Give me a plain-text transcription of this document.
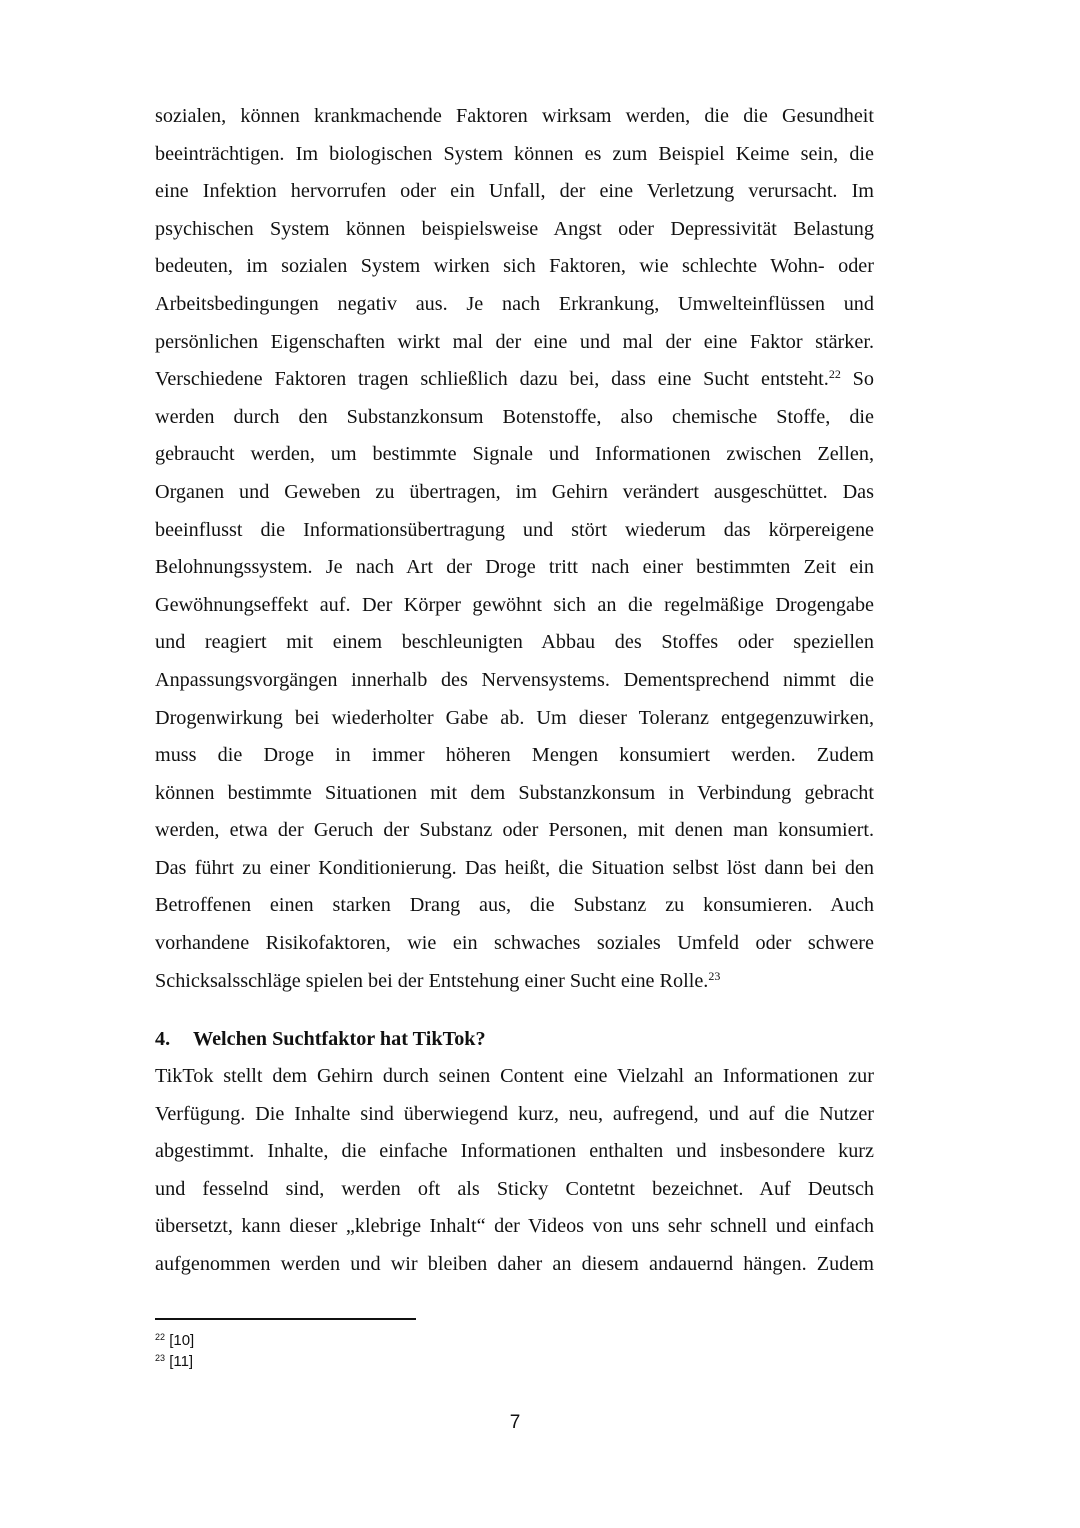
sozialen, können krankmachende Faktoren wirksam werden, die die Gesundheit
beeinträchtigen. Im biologischen System können es zum Beispiel Keime sein, die
eine Infektion hervorrufen oder ein Unfall, der eine Verletzung verursacht. Im
psychischen System können beispielsweise Angst oder Depressivität Belastung
bedeuten, im sozialen System wirken sich Faktoren, wie schlechte Wohn- oder
Arbeitsbedingungen negativ aus. Je nach Erkrankung, Umwelteinflüssen und
persönlichen Eigenschaften wirkt mal der eine und mal der eine Faktor stärker.
Verschiedene Faktoren tragen schließlich dazu bei, dass eine Sucht entsteht.$^{22}$ So
werden durch den Substanzkonsum Botenstoffe, also chemische Stoffe, die
gebraucht werden, um bestimmte Signale und Informationen zwischen Zellen,
Organen und Geweben zu übertragen, im Gehirn verändert ausgeschüttet. Das
beeinflusst die Informationsübertragung und stört wiederum das körpereigene
Belohnungssystem. Je nach Art der Droge tritt nach einer bestimmten Zeit ein
Gewöhnungseffekt auf. Der Körper gewöhnt sich an die regelmäßige Drogengabe
und reagiert mit einem beschleunigten Abbau des Stoffes oder speziellen
Anpassungsvorgängen innerhalb des Nervensystems. Dementsprechend nimmt die
Drogenwirkung bei wiederholter Gabe ab. Um dieser Toleranz entgegenzuwirken,
muss die Droge in immer höheren Mengen konsumiert werden. Zudem
können bestimmte Situationen mit dem Substanzkonsum in Verbindung gebracht
werden, etwa der Geruch der Substanz oder Personen, mit denen man konsumiert.
Das führt zu einer Konditionierung. Das heißt, die Situation selbst löst dann bei den
Betroffenen einen starken Drang aus, die Substanz zu konsumieren. Auch
vorhandene Risikofaktoren, wie ein schwaches soziales Umfeld oder schwere
Schicksalsschläge spielen bei der Entstehung einer Sucht eine Rolle.$^{23}$
4. Welchen Suchtfaktor hat TikTok?
TikTok stellt dem Gehirn durch seinen Content eine Vielzahl an Informationen zur
Verfügung. Die Inhalte sind überwiegend kurz, neu, aufregend, und auf die Nutzer
abgestimmt. Inhalte, die einfache Informationen enthalten und insbesondere kurz
und fesselnd sind, werden oft als Sticky Contetnt bezeichnet. Auf Deutsch
übersetzt, kann dieser „klebrige Inhalt“ der Videos von uns sehr schnell und einfach
aufgenommen werden und wir bleiben daher an diesem andauernd hängen. Zudem
$^{22}$ [10]
$^{23}$ [11]
7
